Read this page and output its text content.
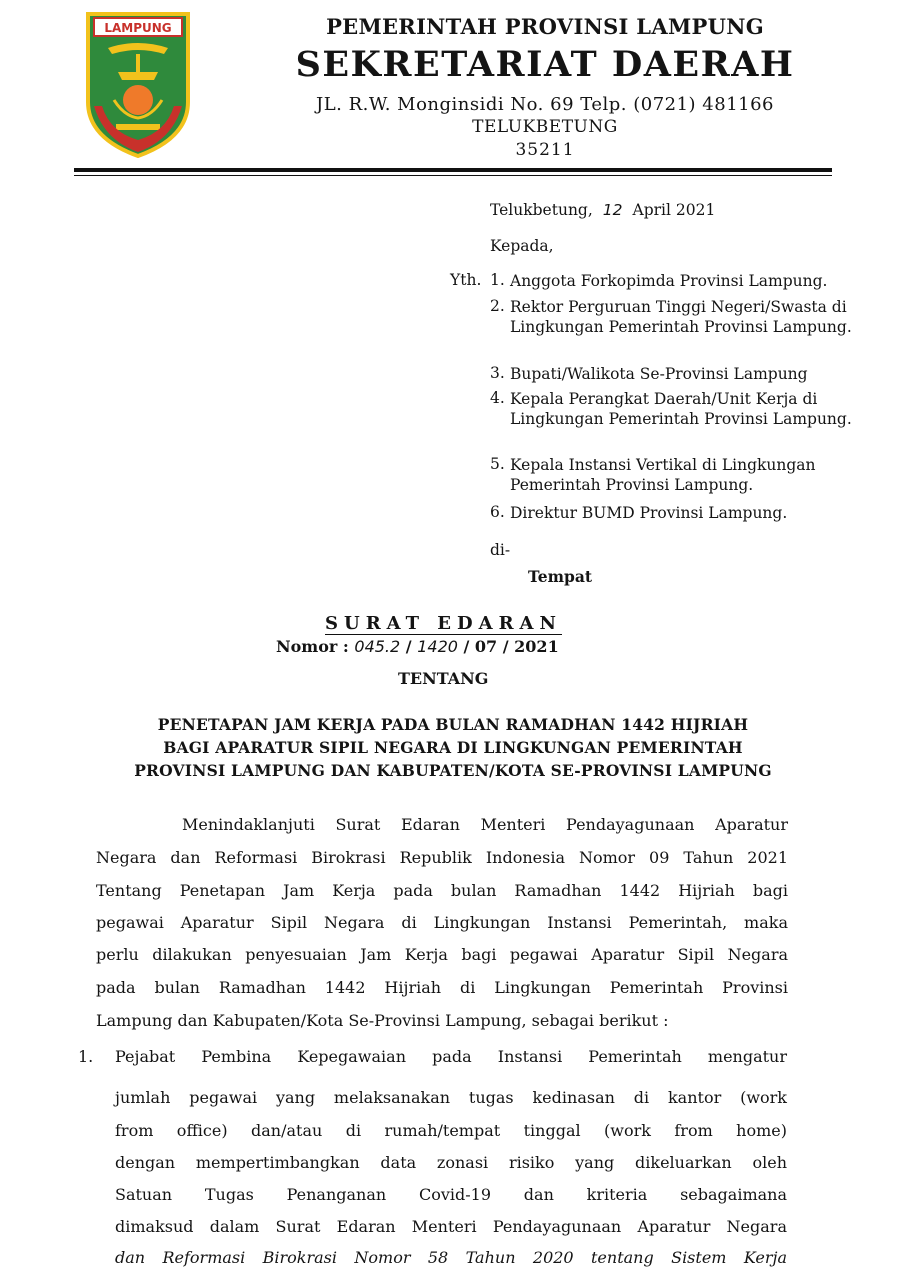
LAMPUNG	PEMERINTAH PROVINSI LAMPUNG
SEKRETARIAT DAERAH
JL. R.W. Monginsidi No. 69 Telp. (0721) 481166
TELUKBETUNG
35211
Telukbetung, 12 April 2021
Kepada,
Yth. 1. Anggota Forkopimda Provinsi Lampung.
2. Rektor Perguruan Tinggi Negeri/Swasta di Lingkungan Pemerintah Provinsi Lampung.
3. Bupati/Walikota Se-Provinsi Lampung
4. Kepala Perangkat Daerah/Unit Kerja di Lingkungan Pemerintah Provinsi Lampung.
5. Kepala Instansi Vertikal di Lingkungan Pemerintah Provinsi Lampung.
6. Direktur BUMD Provinsi Lampung.
di-
Tempat
SURAT EDARAN
Nomor : 045.2 / 1420 / 07 / 2021
TENTANG
PENETAPAN JAM KERJA PADA BULAN RAMADHAN 1442 HIJRIAH
BAGI APARATUR SIPIL NEGARA DI LINGKUNGAN PEMERINTAH
PROVINSI LAMPUNG DAN KABUPATEN/KOTA SE-PROVINSI LAMPUNG
Menindaklanjuti Surat Edaran Menteri Pendayagunaan Aparatur
Negara dan Reformasi Birokrasi Republik Indonesia Nomor 09 Tahun 2021
Tentang Penetapan Jam Kerja pada bulan Ramadhan 1442 Hijriah bagi
pegawai Aparatur Sipil Negara di Lingkungan Instansi Pemerintah, maka
perlu dilakukan penyesuaian Jam Kerja bagi pegawai Aparatur Sipil Negara
pada bulan Ramadhan 1442 Hijriah di Lingkungan Pemerintah Provinsi
Lampung dan Kabupaten/Kota Se-Provinsi Lampung, sebagai berikut :
1. Pejabat Pembina Kepegawaian pada Instansi Pemerintah mengatur
jumlah pegawai yang melaksanakan tugas kedinasan di kantor (work
from office) dan/atau di rumah/tempat tinggal (work from home)
dengan mempertimbangkan data zonasi risiko yang dikeluarkan oleh
Satuan Tugas Penanganan Covid-19 dan kriteria sebagaimana
dimaksud dalam Surat Edaran Menteri Pendayagunaan Aparatur Negara
dan Reformasi Birokrasi Nomor 58 Tahun 2020 tentang Sistem Kerja
